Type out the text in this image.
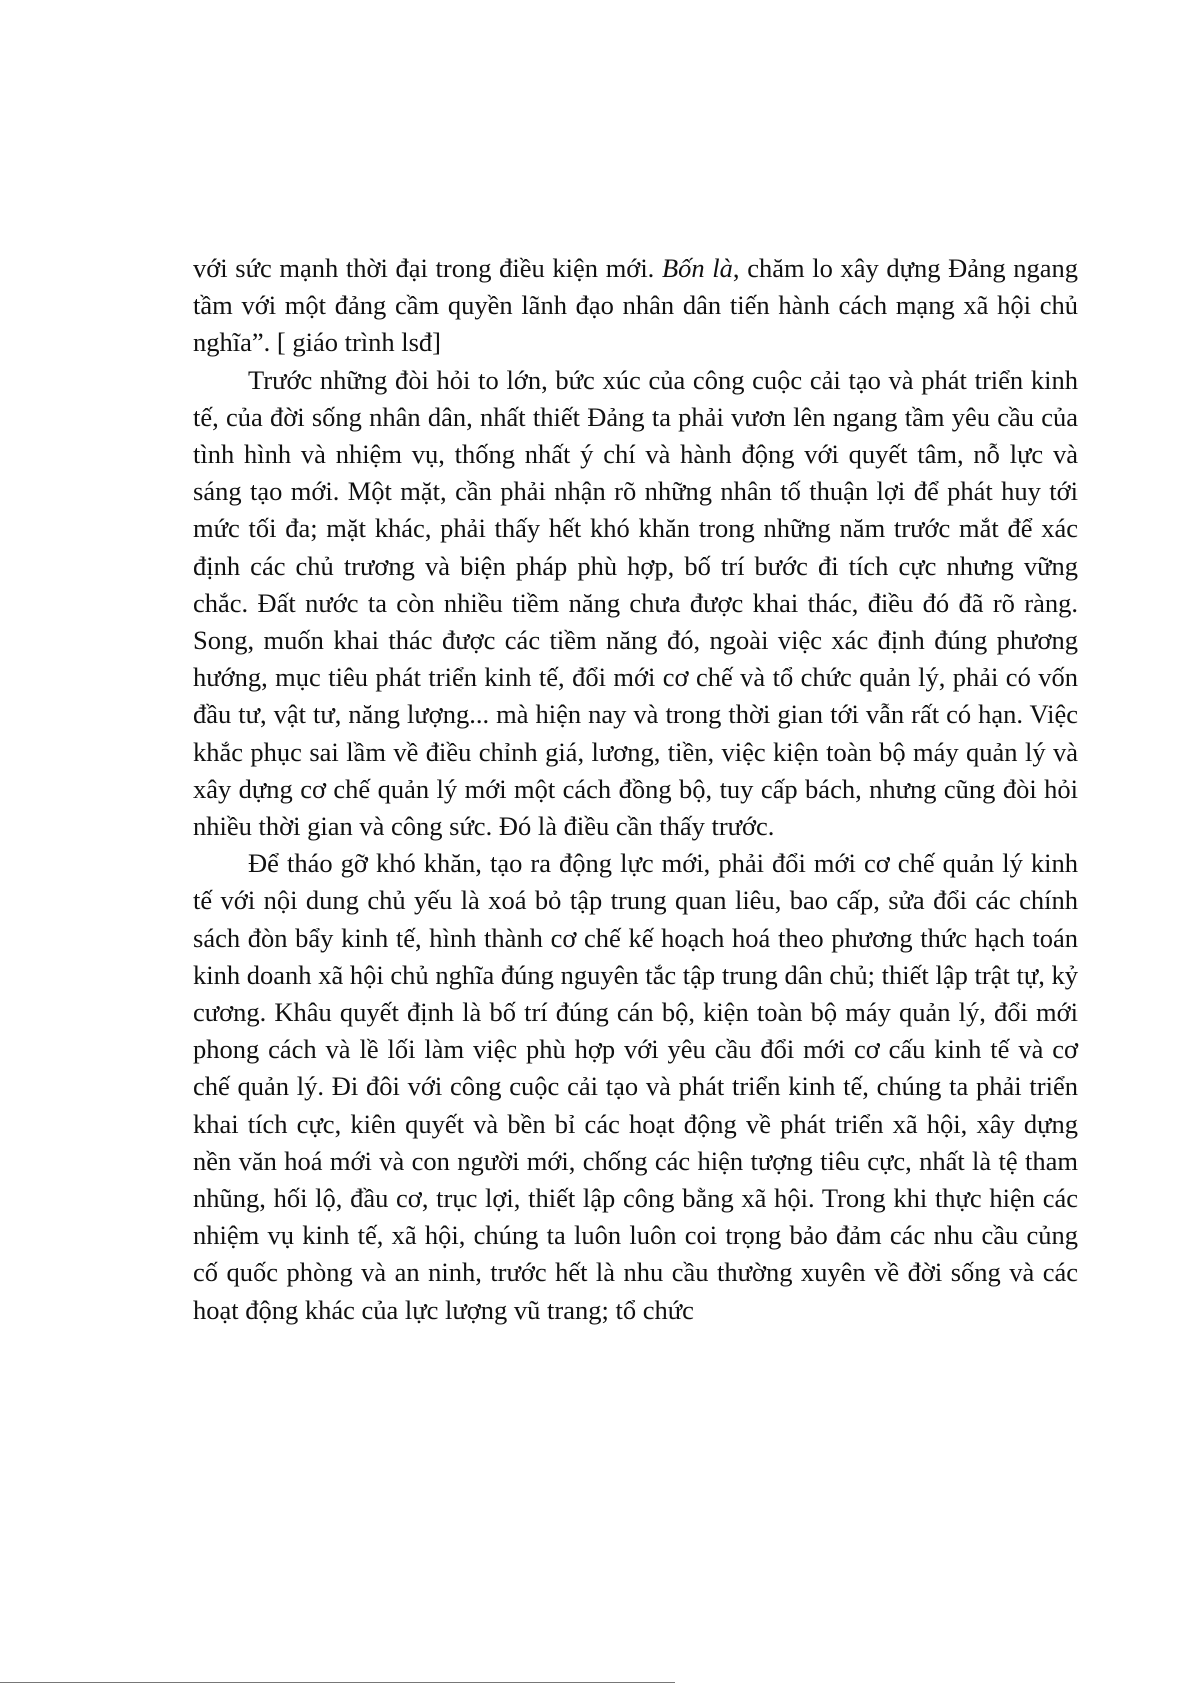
với sức mạnh thời đại trong điều kiện mới. Bốn là, chăm lo xây dựng Đảng ngang tầm với một đảng cầm quyền lãnh đạo nhân dân tiến hành cách mạng xã hội chủ nghĩa”. [ giáo trình lsđ]

Trước những đòi hỏi to lớn, bức xúc của công cuộc cải tạo và phát triển kinh tế, của đời sống nhân dân, nhất thiết Đảng ta phải vươn lên ngang tầm yêu cầu của tình hình và nhiệm vụ, thống nhất ý chí và hành động với quyết tâm, nỗ lực và sáng tạo mới. Một mặt, cần phải nhận rõ những nhân tố thuận lợi để phát huy tới mức tối đa; mặt khác, phải thấy hết khó khăn trong những năm trước mắt để xác định các chủ trương và biện pháp phù hợp, bố trí bước đi tích cực nhưng vững chắc. Đất nước ta còn nhiều tiềm năng chưa được khai thác, điều đó đã rõ ràng. Song, muốn khai thác được các tiềm năng đó, ngoài việc xác định đúng phương hướng, mục tiêu phát triển kinh tế, đổi mới cơ chế và tổ chức quản lý, phải có vốn đầu tư, vật tư, năng lượng... mà hiện nay và trong thời gian tới vẫn rất có hạn. Việc khắc phục sai lầm về điều chỉnh giá, lương, tiền, việc kiện toàn bộ máy quản lý và xây dựng cơ chế quản lý mới một cách đồng bộ, tuy cấp bách, nhưng cũng đòi hỏi nhiều thời gian và công sức. Đó là điều cần thấy trước.

Để tháo gỡ khó khăn, tạo ra động lực mới, phải đổi mới cơ chế quản lý kinh tế với nội dung chủ yếu là xoá bỏ tập trung quan liêu, bao cấp, sửa đổi các chính sách đòn bẩy kinh tế, hình thành cơ chế kế hoạch hoá theo phương thức hạch toán kinh doanh xã hội chủ nghĩa đúng nguyên tắc tập trung dân chủ; thiết lập trật tự, kỷ cương. Khâu quyết định là bố trí đúng cán bộ, kiện toàn bộ máy quản lý, đổi mới phong cách và lề lối làm việc phù hợp với yêu cầu đổi mới cơ cấu kinh tế và cơ chế quản lý. Đi đôi với công cuộc cải tạo và phát triển kinh tế, chúng ta phải triển khai tích cực, kiên quyết và bền bỉ các hoạt động về phát triển xã hội, xây dựng nền văn hoá mới và con người mới, chống các hiện tượng tiêu cực, nhất là tệ tham nhũng, hối lộ, đầu cơ, trục lợi, thiết lập công bằng xã hội. Trong khi thực hiện các nhiệm vụ kinh tế, xã hội, chúng ta luôn luôn coi trọng bảo đảm các nhu cầu củng cố quốc phòng và an ninh, trước hết là nhu cầu thường xuyên về đời sống và các hoạt động khác của lực lượng vũ trang; tổ chức
